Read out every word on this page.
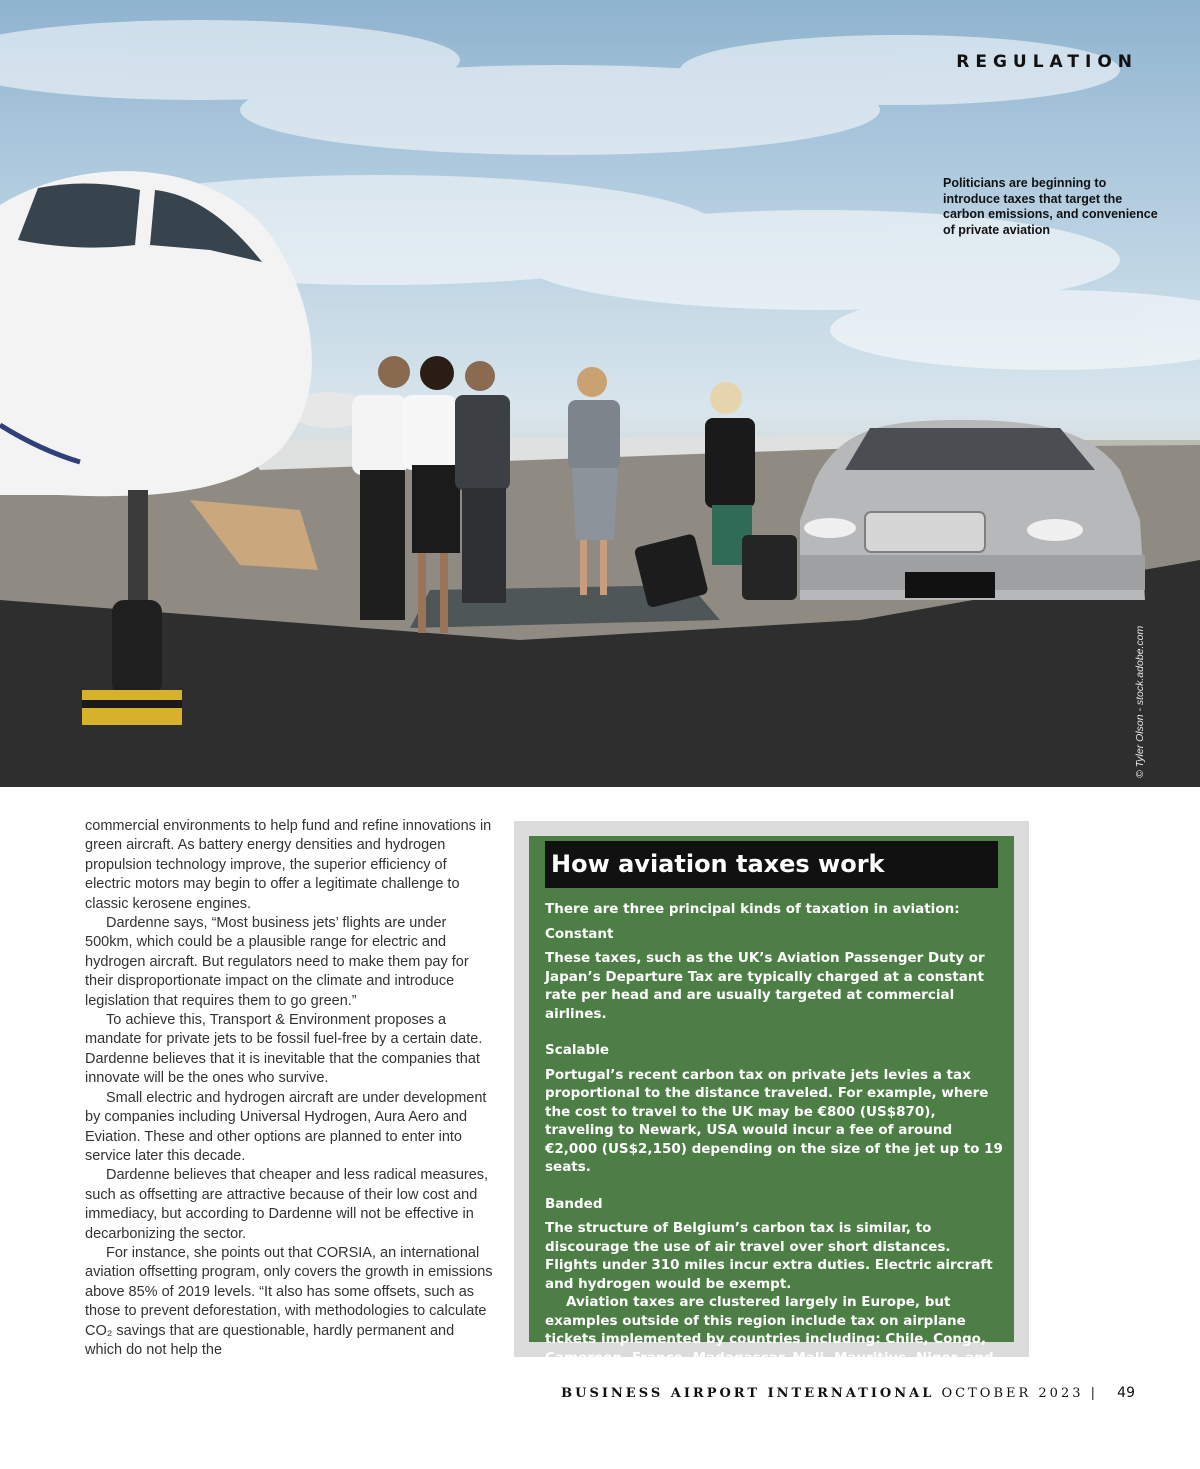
REGULATION
Politicians are beginning to introduce taxes that target the carbon emissions, and convenience of private aviation
© Tyler Olson - stock.adobe.com

commercial environments to help fund and refine innovations in green aircraft. As battery energy densities and hydrogen propulsion technology improve, the superior efficiency of electric motors may begin to offer a legitimate challenge to classic kerosene engines.

Dardenne says, “Most business jets’ flights are under 500km, which could be a plausible range for electric and hydrogen aircraft. But regulators need to make them pay for their disproportionate impact on the climate and introduce legislation that requires them to go green.”

To achieve this, Transport & Environment proposes a mandate for private jets to be fossil fuel-free by a certain date. Dardenne believes that it is inevitable that the companies that innovate will be the ones who survive.

Small electric and hydrogen aircraft are under development by companies including Universal Hydrogen, Aura Aero and Eviation. These and other options are planned to enter into service later this decade.

Dardenne believes that cheaper and less radical measures, such as offsetting are attractive because of their low cost and immediacy, but according to Dardenne will not be effective in decarbonizing the sector.

For instance, she points out that CORSIA, an international aviation offsetting program, only covers the growth in emissions above 85% of 2019 levels. “It also has some offsets, such as those to prevent deforestation, with methodologies to calculate CO₂ savings that are questionable, hardly permanent and which do not help the

How aviation taxes work

There are three principal kinds of taxation in aviation:

Constant

These taxes, such as the UK’s Aviation Passenger Duty or Japan’s Departure Tax are typically charged at a constant rate per head and are usually targeted at commercial airlines.

Scalable

Portugal’s recent carbon tax on private jets levies a tax proportional to the distance traveled. For example, where the cost to travel to the UK may be €800 (US$870), traveling to Newark, USA would incur a fee of around €2,000 (US$2,150) depending on the size of the jet up to 19 seats.

Banded

The structure of Belgium’s carbon tax is similar, to discourage the use of air travel over short distances. Flights under 310 miles incur extra duties. Electric aircraft and hydrogen would be exempt.

Aviation taxes are clustered largely in Europe, but examples outside of this region include tax on airplane tickets implemented by countries including: Chile, Congo, Cameroon, France, Madagascar, Mali, Mauritius, Niger, and South Korea.

BUSINESS AIRPORT INTERNATIONAL OCTOBER 2023 | 49
